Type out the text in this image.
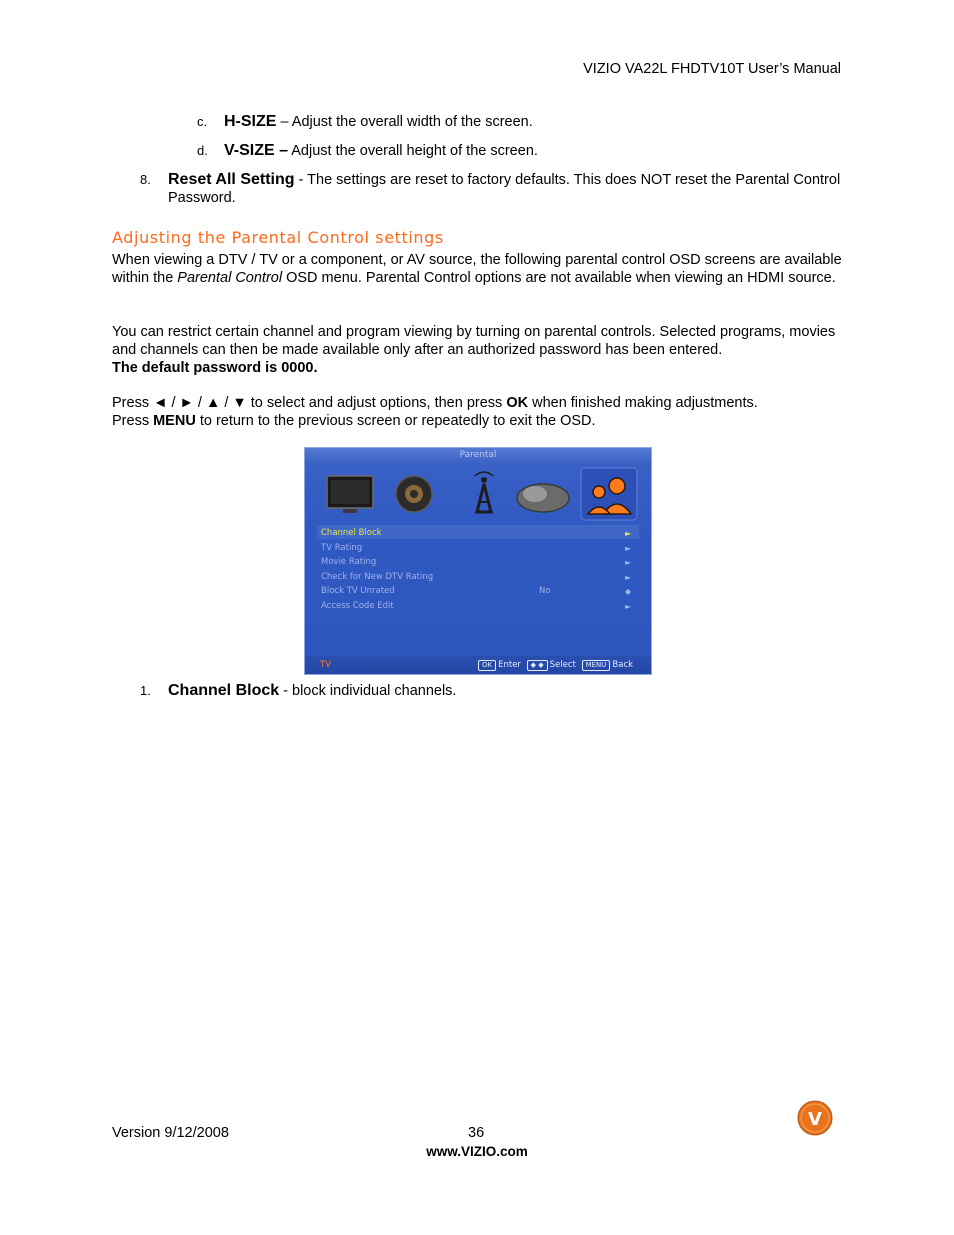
VIZIO VA22L FHDTV10T User’s Manual
c. H-SIZE – Adjust the overall width of the screen.
d. V-SIZE – Adjust the overall height of the screen.
8. Reset All Setting - The settings are reset to factory defaults. This does NOT reset the Parental Control Password.
Adjusting the Parental Control settings
When viewing a DTV / TV or a component, or AV source, the following parental control OSD screens are available within the Parental Control OSD menu. Parental Control options are not available when viewing an HDMI source.
You can restrict certain channel and program viewing by turning on parental controls. Selected programs, movies and channels can then be made available only after an authorized password has been entered.
The default password is 0000.
Press ◄ / ► / ▲ / ▼ to select and adjust options, then press OK when finished making adjustments.
Press MENU to return to the previous screen or repeatedly to exit the OSD.
Parental
Channel Block	►
TV Rating	►
Movie Rating	►
Check for New DTV Rating	►
Block TV Unrated	No	◆
Access Code Edit	►
TV	OK Enter ◆ ◆ Select MENU Back
1. Channel Block - block individual channels.
Version 9/12/2008	36
www.VIZIO.com
V
